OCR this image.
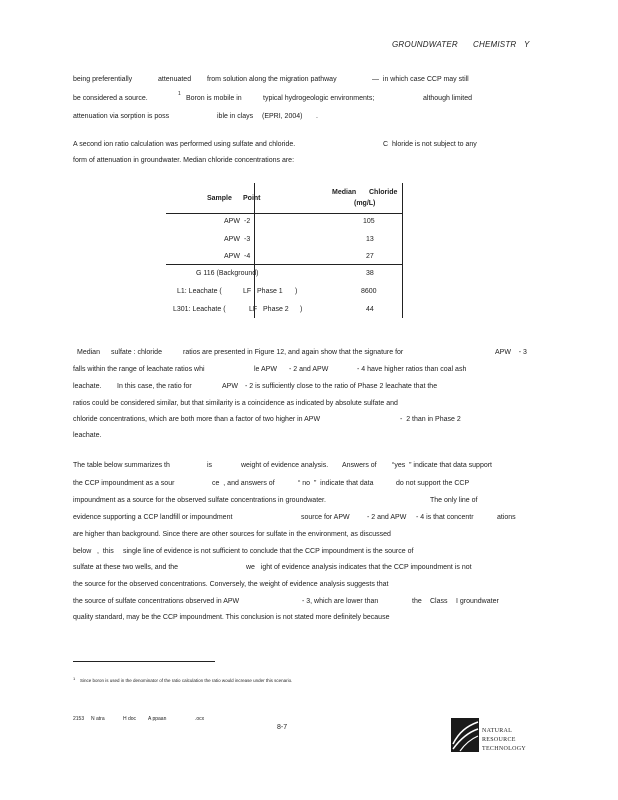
GROUNDWATER CHEMISTR Y
being preferentially	attenuated from solution along the migration pathway	—  in which case CCP may still
be considered a source.
1
Boron is mobile in	typical hydrogeologic environments;	although limited
attenuation via sorption is poss	ible in clays (EPRI, 2004) .
A second ion ratio calculation was performed using sulfate and chloride.	C  hloride is not subject to any
form of attenuation in groundwater. Median chloride concentrations are:
Sample Point
Median Chloride
(mg/L)
APW -2	105
APW -3	13
APW -4	27
G 116 (Background)	38
L1: Leachate (	LF   Phase 1 )	8600
L301: Leachate (	LF   Phase 2 )	44
Median sulfate : chloride	ratios are presented in Figure 12, and again show that the signature for	APW    - 3
falls within the range of leachate ratios whi	le APW - 2 and APW	- 4 have higher ratios than coal ash
leachate. In this case, the ratio for	APW - 2 is sufficiently close to the ratio of Phase 2 leachate that the
ratios could be considered similar, but that similarity is a coincidence as indicated by absolute sulfate and
chloride concentrations, which are both more than a factor of two higher in APW	-  2 than in Phase 2
leachate.
The table below summarizes th	is	weight of evidence analysis. Answers of “yes  ” indicate that data support
the CCP impoundment as a sour	ce  , and answers of	“ no  ”  indicate that data	do not support the CCP
impoundment as a source for the observed sulfate concentrations in groundwater.	The only line of
evidence supporting a CCP landfill or impoundment	source for APW - 2 and APW - 4 is that concentr	ations
are higher than background. Since there are other sources for sulfate in the environment, as discussed
below ,  this single line of evidence is not sufficient to conclude that the CCP impoundment is the source of
sulfate at these two wells, and the	we   ight of evidence analysis indicates that the CCP impoundment is not
the source for the observed concentrations. Conversely, the weight of evidence analysis suggests that
the source of sulfate concentrations observed in APW	- 3, which are lower than	the Class I groundwater
quality standard, may be the CCP impoundment. This conclusion is not stated more definitely because
1 Since boron is used in the denominator of the ratio calculation the ratio would increase under this scenario.
2153 N atra	H doc A ppaan	.ocx
8-7	NATURAL
RESOURCE
TECHNOLOGY
